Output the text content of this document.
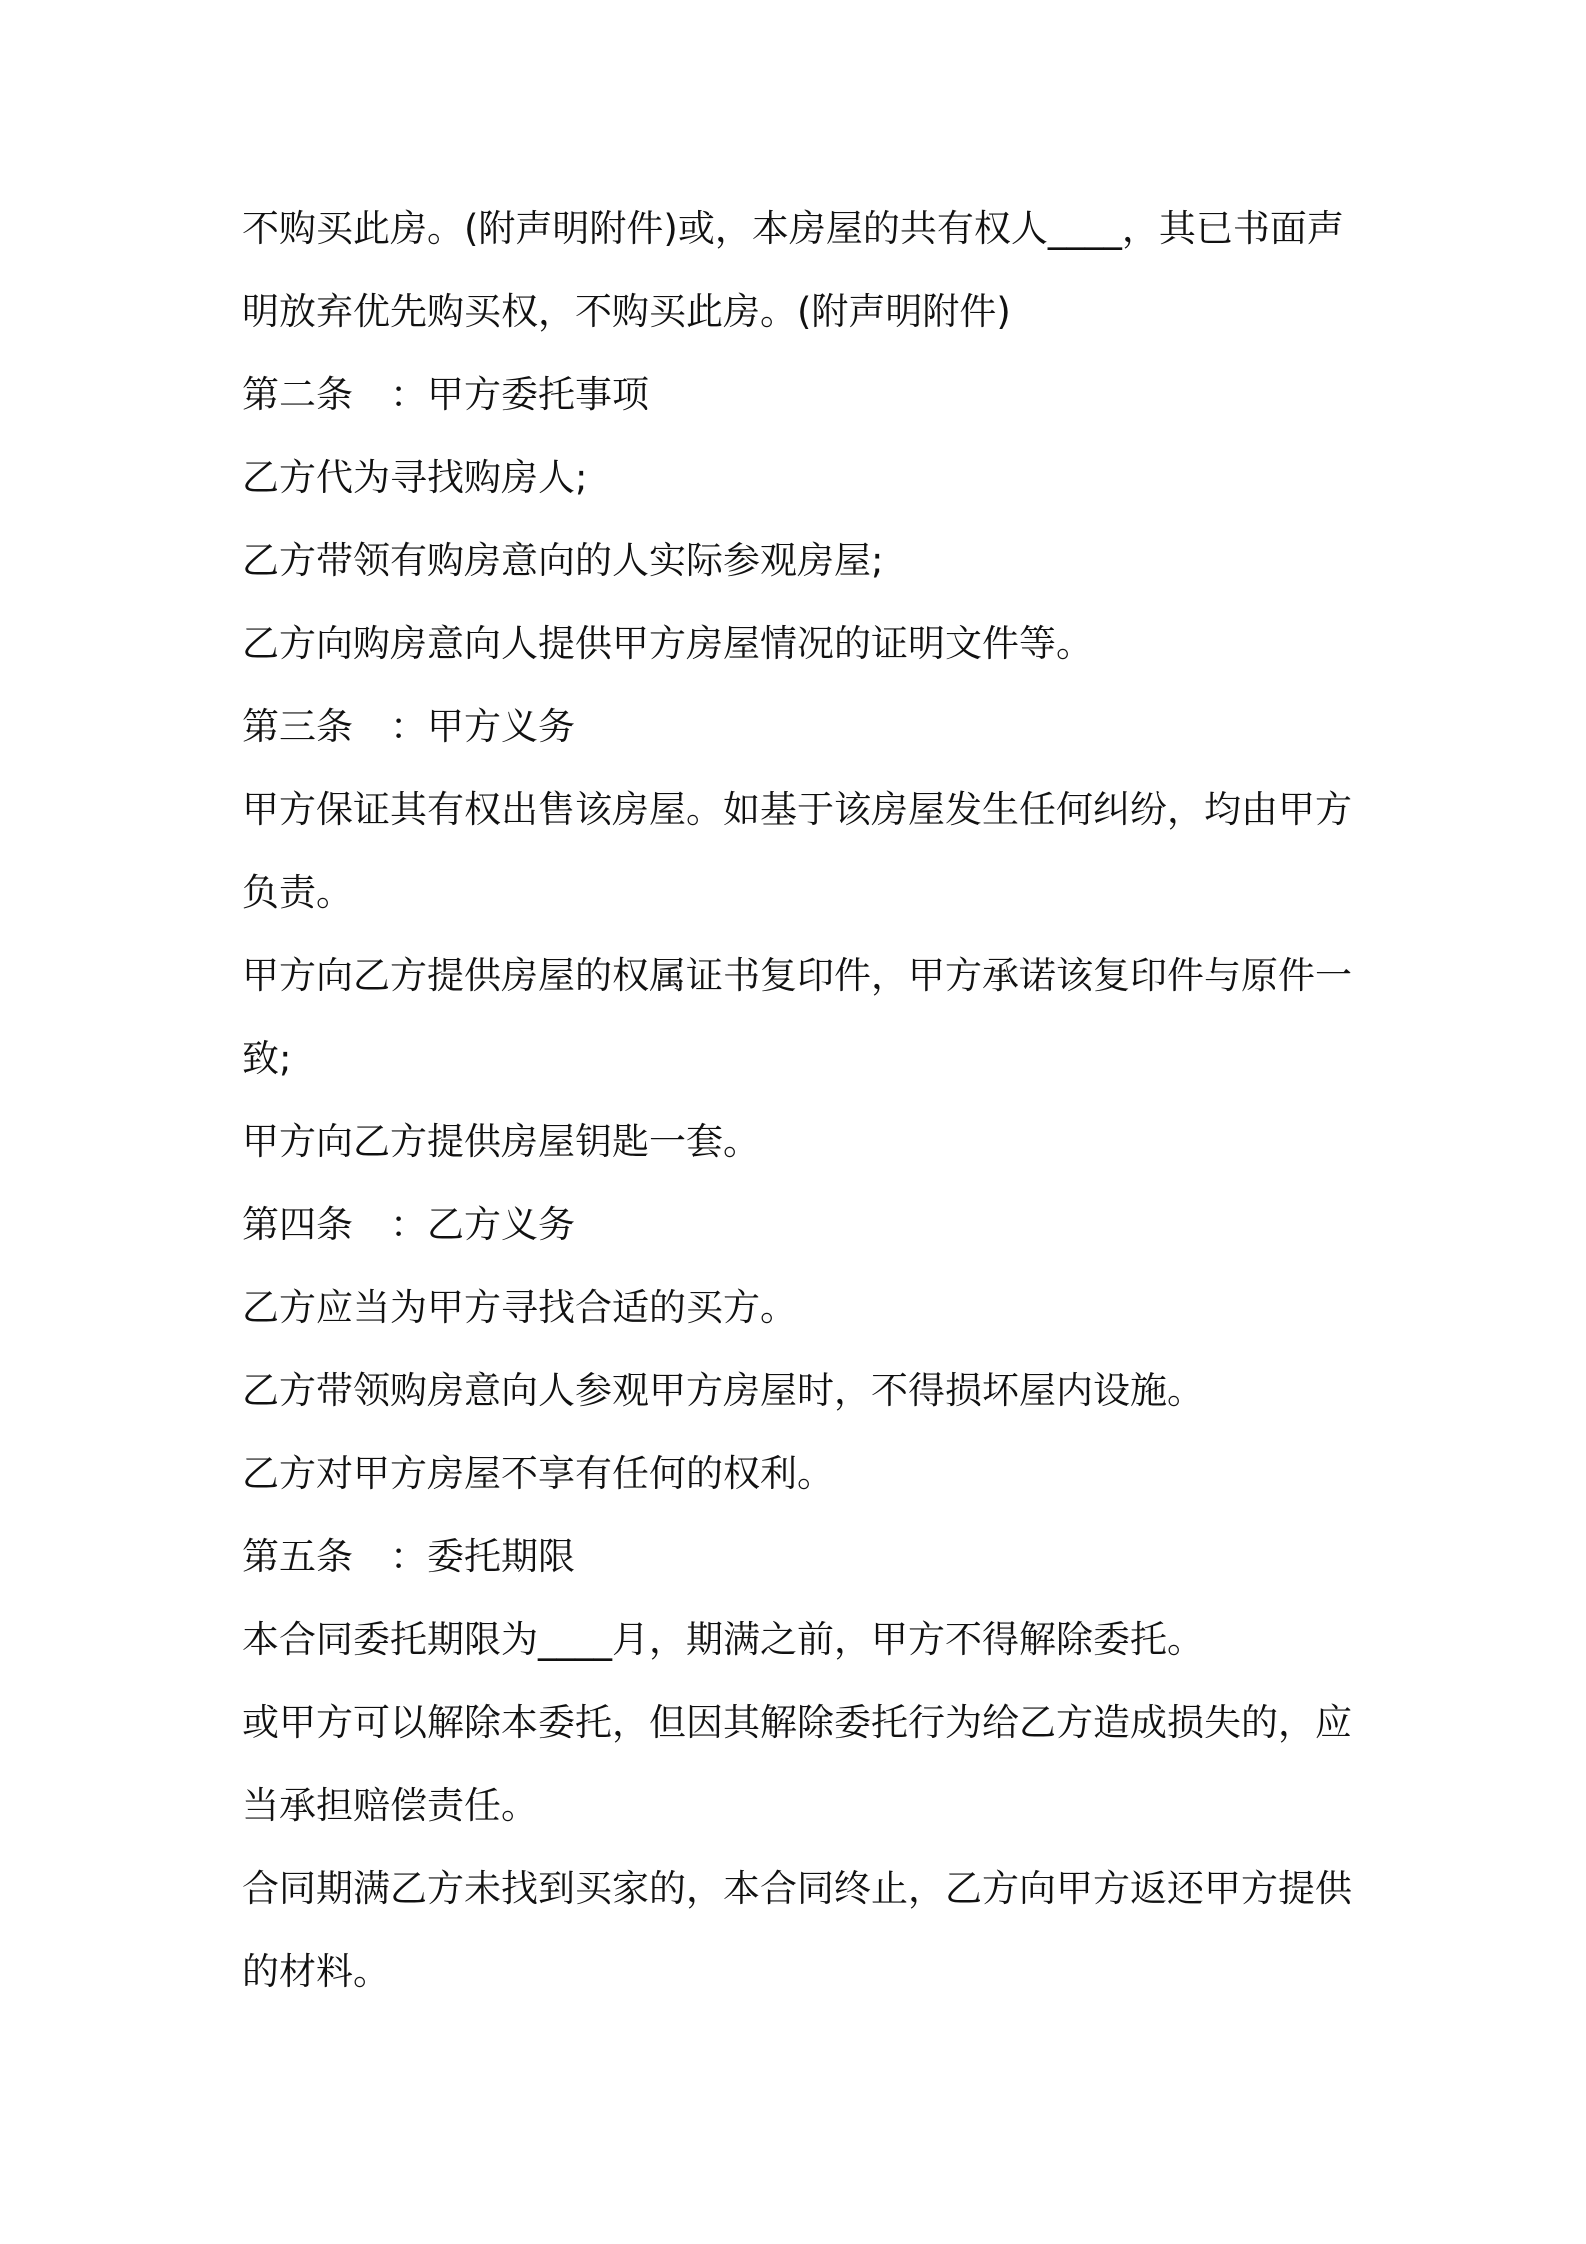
不购买此房。(附声明附件)或，本房屋的共有权人____，其已书面声
明放弃优先购买权，不购买此房。(附声明附件)
第二条　：甲方委托事项
乙方代为寻找购房人;
乙方带领有购房意向的人实际参观房屋;
乙方向购房意向人提供甲方房屋情况的证明文件等。
第三条　：甲方义务
甲方保证其有权出售该房屋。如基于该房屋发生任何纠纷，均由甲方
负责。
甲方向乙方提供房屋的权属证书复印件，甲方承诺该复印件与原件一
致;
甲方向乙方提供房屋钥匙一套。
第四条　：乙方义务
乙方应当为甲方寻找合适的买方。
乙方带领购房意向人参观甲方房屋时，不得损坏屋内设施。
乙方对甲方房屋不享有任何的权利。
第五条　：委托期限
本合同委托期限为____月，期满之前，甲方不得解除委托。
或甲方可以解除本委托，但因其解除委托行为给乙方造成损失的，应
当承担赔偿责任。
合同期满乙方未找到买家的，本合同终止，乙方向甲方返还甲方提供
的材料。
